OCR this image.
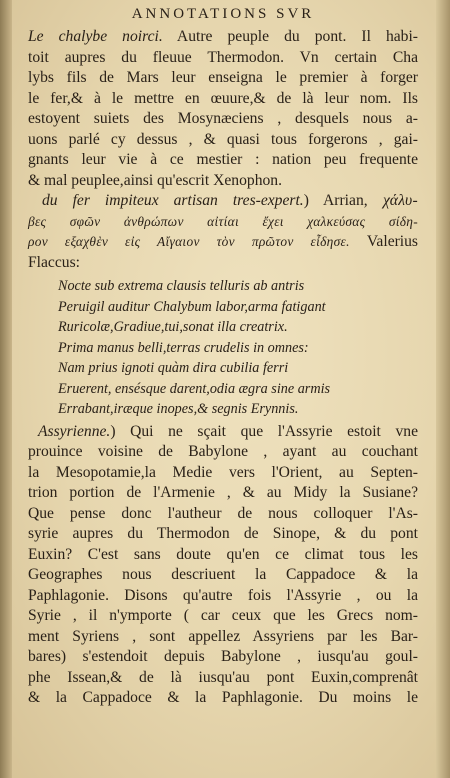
ANNOTATIONS SVR
Le chalybe noirci. Autre peuple du pont. Il habi-
toit aupres du fleuue Thermodon. Vn certain Cha
lybs fils de Mars leur enseigna le premier à forger
le fer,& à le mettre en œuure,& de là leur nom. Ils
estoyent suiets des Mosynæciens , desquels nous a-
uons parlé cy dessus , & quasi tous forgerons , gai-
gnants leur vie à ce mestier : nation peu frequente
& mal peuplee,ainsi qu'escrit Xenophon.
du fer impiteux artisan tres-expert.) Arrian, χάλυ-
βες σφῶν ἀνθρώπων αἰτίαι ἔχει χαλκεύσας σίδη-
ρον εξαχθὲν εἰς Αἴγαιον τὸν πρῶτον εἶδησε. Valerius
Flaccus:
Nocte sub extrema clausis telluris ab antris
Peruigil auditur Chalybum labor,arma fatigant
Ruricolæ,Gradiue,tui,sonat illa creatrix.
Prima manus belli,terras crudelis in omnes:
Nam prius ignoti quàm dira cubilia ferri
Eruerent, ensésque darent,odia ægra sine armis
Errabant,iræque inopes,& segnis Erynnis.
Assyrienne.) Qui ne sçait que l'Assyrie estoit vne
prouince voisine de Babylone , ayant au couchant
la Mesopotamie,la Medie vers l'Orient, au Septen-
trion portion de l'Armenie , & au Midy la Susiane?
Que pense donc l'autheur de nous colloquer l'As-
syrie aupres du Thermodon de Sinope, & du pont
Euxin? C'est sans doute qu'en ce climat tous les
Geographes nous descriuent la Cappadoce & la
Paphlagonie. Disons qu'autre fois l'Assyrie , ou la
Syrie , il n'ymporte ( car ceux que les Grecs nom-
ment Syriens , sont appellez Assyriens par les Bar-
bares) s'estendoit depuis Babylone , iusqu'au goul-
phe Issean,& de là iusqu'au pont Euxin,comprenât
& la Cappadoce & la Paphlagonie. Du moins le
